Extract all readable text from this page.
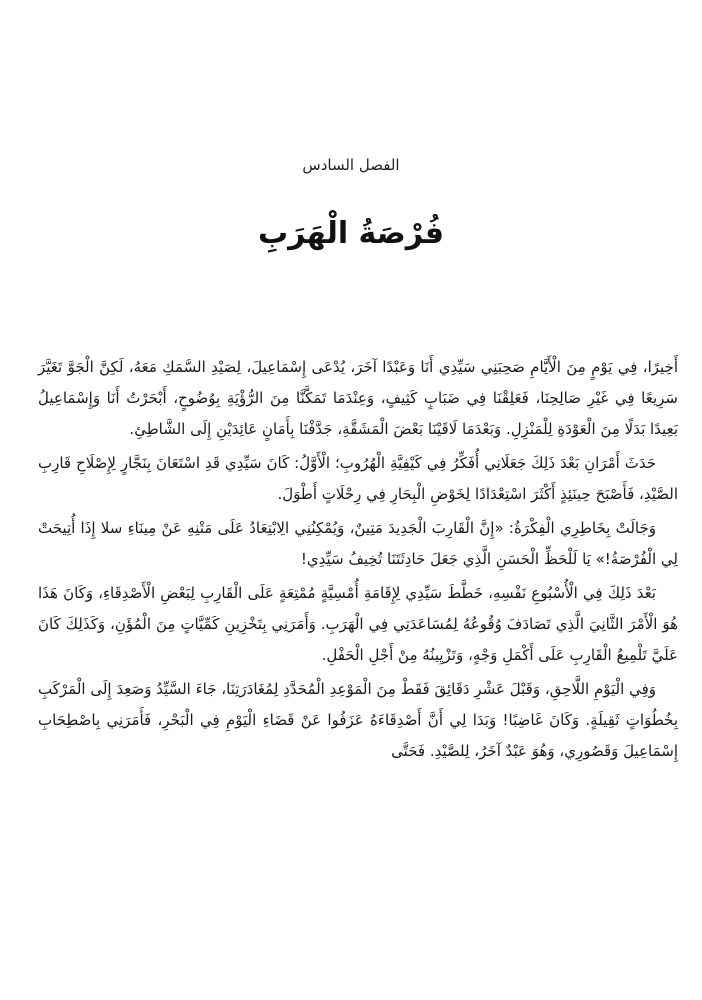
الفصل السادس
فُرْصَةُ الْهَرَبِ

أَخِيرًا، فِي يَوْمٍ مِنَ الْأَيَّامِ صَحِبَنِي سَيِّدِي أَنَا وَعَبْدًا آخَرَ، يُدْعَى إِسْمَاعِيلَ، لِصَيْدِ السَّمَكِ مَعَهُ، لَكِنَّ الْجَوَّ تَغَيَّرَ سَرِيعًا فِي غَيْرِ صَالِحِنَا، فَعَلِقْنَا فِي ضَبَابٍ كَثِيفٍ، وَعِنْدَمَا تَمَكَّنَّا مِنَ الرُّؤْيَةِ بِوُضُوحٍ، أَبْحَرْتُ أَنَا وَإِسْمَاعِيلُ بَعِيدًا بَدَلًا مِنَ الْعَوْدَةِ لِلْمَنْزِلِ. وَبَعْدَمَا لَاقَيْنَا بَعْضَ الْمَشَقَّةِ، جَدَّفْنَا بِأَمَانٍ عَائِدَيْنِ إِلَى الشَّاطِئِ.

حَدَثَ أَمْرَانِ بَعْدَ ذَلِكَ جَعَلَانِي أُفَكِّرُ فِي كَيْفِيَّةِ الْهُرُوبِ؛ الْأَوَّلُ: كَانَ سَيِّدِي قَدِ اسْتَعَانَ بِنَجَّارٍ لِإِصْلَاحِ قَارِبِ الصَّيْدِ، فَأَصْبَحَ حِينَئِذٍ أَكْثَرَ اسْتِعْدَادًا لِخَوْضِ الْبِحَارِ فِي رِحْلَاتٍ أَطْوَلَ.

وَجَالَتْ بِخَاطِرِي الْفِكْرَةُ: «إِنَّ الْقَارِبَ الْجَدِيدَ مَتِينٌ، وَيُمْكِنُنِي الِابْتِعَادُ عَلَى مَتْنِهِ عَنْ مِينَاءِ سلا إِذَا أُتِيحَتْ لِي الْفُرْصَةُ!» يَا لَلْحَظِّ الْحَسَنِ الَّذِي جَعَلَ حَادِثَتَنَا تُخِيفُ سَيِّدِي!

بَعْدَ ذَلِكَ فِي الْأُسْبُوعِ نَفْسِهِ، خَطَّطَ سَيِّدِي لِإِقَامَةِ أُمْسِيَّةٍ مُمْتِعَةٍ عَلَى الْقَارِبِ لِبَعْضِ الْأَصْدِقَاءِ، وَكَانَ هَذَا هُوَ الْأَمْرَ الثَّانِيَ الَّذِي تَصَادَفَ وُقُوعُهُ لِمُسَاعَدَتِي فِي الْهَرَبِ. وَأَمَرَنِي بِتَخْزِينِ كَمِّيَّاتٍ مِنَ الْمُؤَنِ، وَكَذَلِكَ كَانَ عَلَيَّ تَلْمِيعُ الْقَارِبِ عَلَى أَكْمَلِ وَجْهٍ، وَتَزْيِينُهُ مِنْ أَجْلِ الْحَفْلِ.

وَفِي الْيَوْمِ اللَّاحِقِ، وَقَبْلَ عَشْرِ دَقَائِقَ فَقَطْ مِنَ الْمَوْعِدِ الْمُحَدَّدِ لِمُغَادَرَتِنَا، جَاءَ السَّيِّدُ وَصَعِدَ إِلَى الْمَرْكَبِ بِخُطُوَاتٍ ثَقِيلَةٍ. وَكَانَ غَاضِبًا! وَبَدَا لِي أَنَّ أَصْدِقَاءَهُ عَزَفُوا عَنْ قَضَاءِ الْيَوْمِ فِي الْبَحْرِ، فَأَمَرَنِي بِاصْطِحَابِ إِسْمَاعِيلَ وَقَصُورِي، وَهُوَ عَبْدٌ آخَرُ، لِلصَّيْدِ. فَحَتَّى
